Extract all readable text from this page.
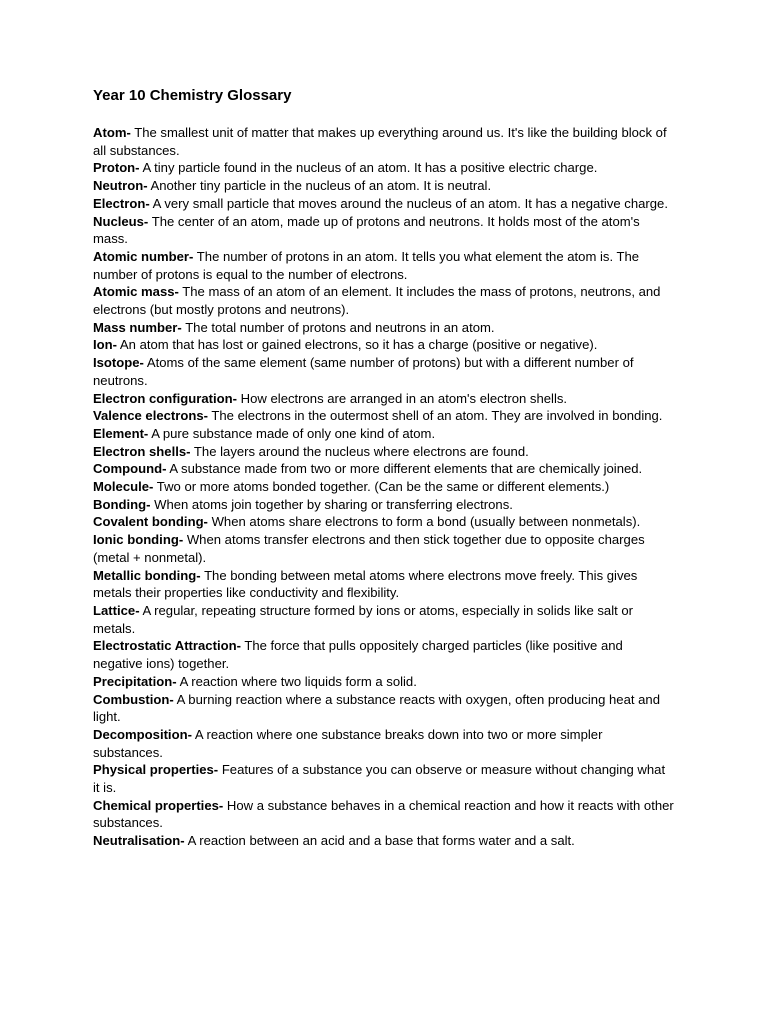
Year 10 Chemistry Glossary

Atom- The smallest unit of matter that makes up everything around us. It's like the building block of all substances.

Proton- A tiny particle found in the nucleus of an atom. It has a positive electric charge.

Neutron- Another tiny particle in the nucleus of an atom. It is neutral.

Electron- A very small particle that moves around the nucleus of an atom. It has a negative charge.

Nucleus- The center of an atom, made up of protons and neutrons. It holds most of the atom's mass.

Atomic number- The number of protons in an atom. It tells you what element the atom is. The number of protons is equal to the number of electrons.

Atomic mass- The mass of an atom of an element. It includes the mass of protons, neutrons, and electrons (but mostly protons and neutrons).

Mass number- The total number of protons and neutrons in an atom.

Ion- An atom that has lost or gained electrons, so it has a charge (positive or negative).

Isotope- Atoms of the same element (same number of protons) but with a different number of neutrons.

Electron configuration- How electrons are arranged in an atom's electron shells.

Valence electrons- The electrons in the outermost shell of an atom. They are involved in bonding.

Element- A pure substance made of only one kind of atom.

Electron shells- The layers around the nucleus where electrons are found.

Compound- A substance made from two or more different elements that are chemically joined.

Molecule- Two or more atoms bonded together. (Can be the same or different elements.)

Bonding- When atoms join together by sharing or transferring electrons.

Covalent bonding- When atoms share electrons to form a bond (usually between nonmetals).

Ionic bonding- When atoms transfer electrons and then stick together due to opposite charges (metal + nonmetal).

Metallic bonding- The bonding between metal atoms where electrons move freely. This gives metals their properties like conductivity and flexibility.

Lattice- A regular, repeating structure formed by ions or atoms, especially in solids like salt or metals.

Electrostatic Attraction- The force that pulls oppositely charged particles (like positive and negative ions) together.

Precipitation- A reaction where two liquids form a solid.

Combustion- A burning reaction where a substance reacts with oxygen, often producing heat and light.

Decomposition- A reaction where one substance breaks down into two or more simpler substances.

Physical properties- Features of a substance you can observe or measure without changing what it is.

Chemical properties- How a substance behaves in a chemical reaction and how it reacts with other substances.

Neutralisation- A reaction between an acid and a base that forms water and a salt.
